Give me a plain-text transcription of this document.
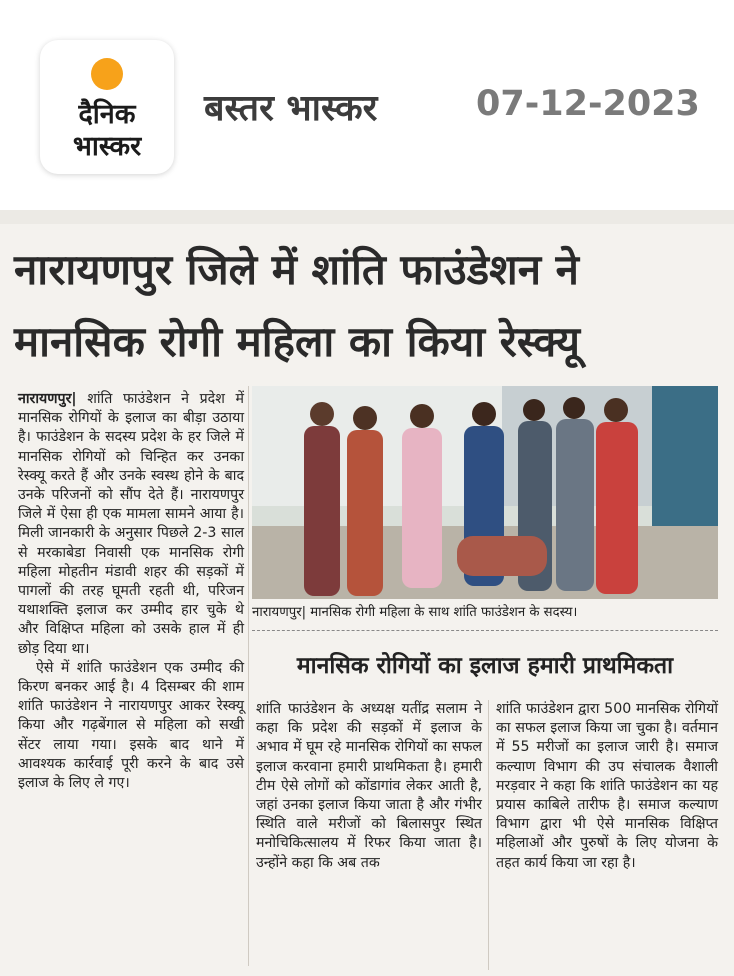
दैनिक
भास्कर
बस्तर भास्कर	07-12-2023
नारायणपुर जिले में शांति फाउंडेशन ने
मानसिक रोगी महिला का किया रेस्क्यू

नारायणपुर| शांति फाउंडेशन ने प्रदेश में मानसिक रोगियों के इलाज का बीड़ा उठाया है। फाउंडेशन के सदस्य प्रदेश के हर जिले में मानसिक रोगियों को चिन्हित कर उनका रेस्क्यू करते हैं और उनके स्वस्थ होने के बाद उनके परिजनों को सौंप देते हैं। नारायणपुर जिले में ऐसा ही एक मामला सामने आया है। मिली जानकारी के अनुसार पिछले 2-3 साल से मरकाबेडा निवासी एक मानसिक रोगी महिला मोहतीन मंडावी शहर की सड़कों में पागलों की तरह घूमती रहती थी, परिजन यथाशक्ति इलाज कर उम्मीद हार चुके थे और विक्षिप्त महिला को उसके हाल में ही छोड़ दिया था।

ऐसे में शांति फाउंडेशन एक उम्मीद की किरण बनकर आई है। 4 दिसम्बर की शाम शांति फाउंडेशन ने नारायणपुर आकर रेस्क्यू किया और गढ़बेंगाल से महिला को सखी सेंटर लाया गया। इसके बाद थाने में आवश्यक कार्रवाई पूरी करने के बाद उसे इलाज के लिए ले गए।

नारायणपुर| मानसिक रोगी महिला के साथ शांति फाउंडेशन के सदस्य।
मानसिक रोगियों का इलाज हमारी प्राथमिकता
शांति फाउंडेशन के अध्यक्ष यतींद्र सलाम ने कहा कि प्रदेश की सड़कों में इलाज के अभाव में घूम रहे मानसिक रोगियों का सफल इलाज करवाना हमारी प्राथमिकता है। हमारी टीम ऐसे लोगों को कोंडागांव लेकर आती है, जहां उनका इलाज किया जाता है और गंभीर स्थिति वाले मरीजों को बिलासपुर स्थित मनोचिकित्सालय में रिफर किया जाता है। उन्होंने कहा कि अब तक
शांति फाउंडेशन द्वारा 500 मानसिक रोगियों का सफल इलाज किया जा चुका है। वर्तमान में 55 मरीजों का इलाज जारी है। समाज कल्याण विभाग की उप संचालक वैशाली मरड़वार ने कहा कि शांति फाउंडेशन का यह प्रयास काबिले तारीफ है। समाज कल्याण विभाग द्वारा भी ऐसे मानसिक विक्षिप्त महिलाओं और पुरुषों के लिए योजना के तहत कार्य किया जा रहा है।
